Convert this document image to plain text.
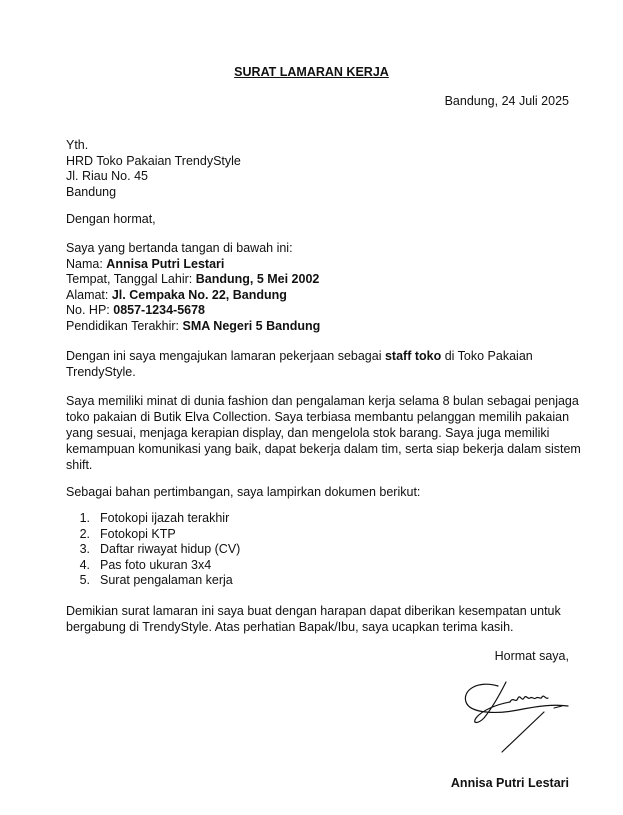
SURAT LAMARAN KERJA
Bandung, 24 Juli 2025
Yth.
HRD Toko Pakaian TrendyStyle
Jl. Riau No. 45
Bandung
Dengan hormat,
Saya yang bertanda tangan di bawah ini:
Nama: Annisa Putri Lestari
Tempat, Tanggal Lahir: Bandung, 5 Mei 2002
Alamat: Jl. Cempaka No. 22, Bandung
No. HP: 0857-1234-5678
Pendidikan Terakhir: SMA Negeri 5 Bandung
Dengan ini saya mengajukan lamaran pekerjaan sebagai staff toko di Toko Pakaian
TrendyStyle.
Saya memiliki minat di dunia fashion dan pengalaman kerja selama 8 bulan sebagai penjaga
toko pakaian di Butik Elva Collection. Saya terbiasa membantu pelanggan memilih pakaian
yang sesuai, menjaga kerapian display, dan mengelola stok barang. Saya juga memiliki
kemampuan komunikasi yang baik, dapat bekerja dalam tim, serta siap bekerja dalam sistem
shift.
Sebagai bahan pertimbangan, saya lampirkan dokumen berikut:
1. Fotokopi ijazah terakhir
2. Fotokopi KTP
3. Daftar riwayat hidup (CV)
4. Pas foto ukuran 3x4
5. Surat pengalaman kerja
Demikian surat lamaran ini saya buat dengan harapan dapat diberikan kesempatan untuk
bergabung di TrendyStyle. Atas perhatian Bapak/Ibu, saya ucapkan terima kasih.
Hormat saya,
Annisa Putri Lestari
